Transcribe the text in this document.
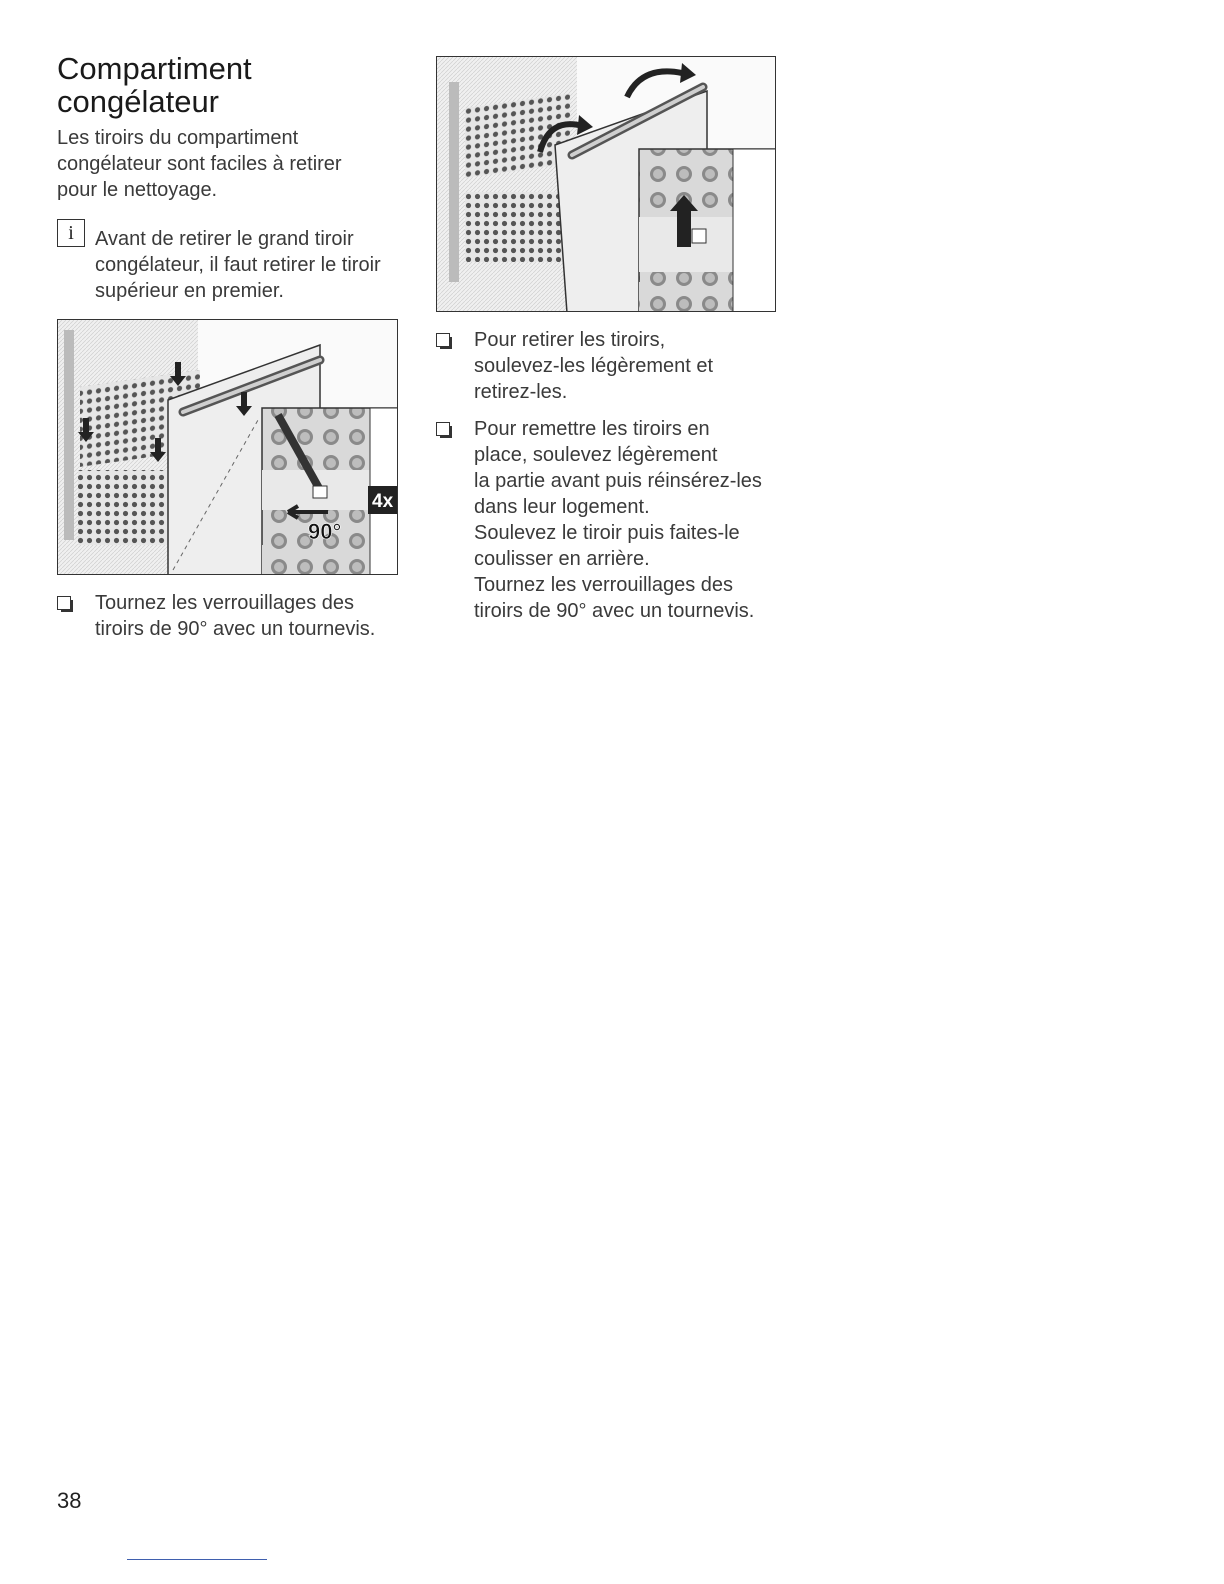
Compartiment
congélateur
Les tiroirs du compartiment
congélateur sont faciles à retirer
pour le nettoyage.
i	Avant de retirer le grand tiroir
congélateur, il faut retirer le tiroir
supérieur en premier.
4x
90°
Tournez les verrouillages des
tiroirs de 90° avec un tournevis.
Pour retirer les tiroirs,
soulevez-les légèrement et
retirez-les.
Pour remettre les tiroirs en
place, soulevez légèrement
la partie avant puis réinsérez-les
dans leur logement.
Soulevez le tiroir puis faites-le
coulisser en arrière.
Tournez les verrouillages des
tiroirs de 90° avec un tournevis.
38
